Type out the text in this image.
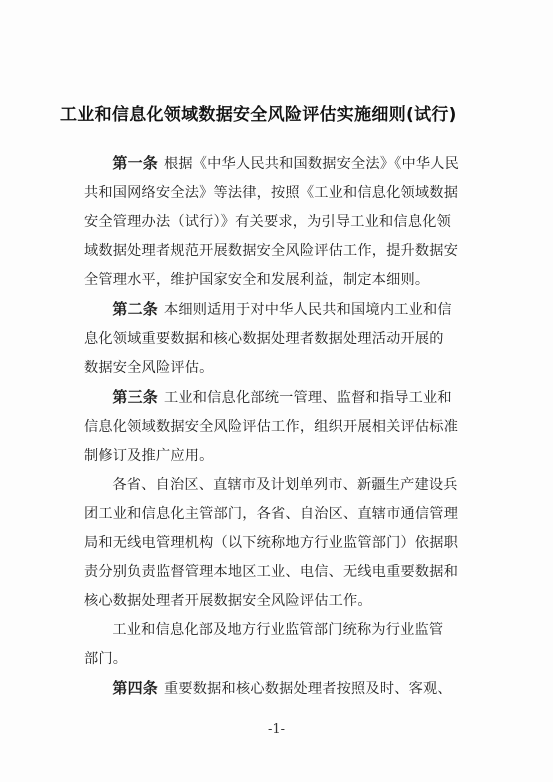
工业和信息化领域数据安全风险评估实施细则(试行)

第一条 根据《中华人民共和国数据安全法》《中华人民
共和国网络安全法》等法律，按照《工业和信息化领域数据
安全管理办法（试行）》有关要求，为引导工业和信息化领
域数据处理者规范开展数据安全风险评估工作，提升数据安
全管理水平，维护国家安全和发展利益，制定本细则。

第二条 本细则适用于对中华人民共和国境内工业和信
息化领域重要数据和核心数据处理者数据处理活动开展的
数据安全风险评估。

第三条 工业和信息化部统一管理、监督和指导工业和
信息化领域数据安全风险评估工作，组织开展相关评估标准
制修订及推广应用。

各省、自治区、直辖市及计划单列市、新疆生产建设兵
团工业和信息化主管部门，各省、自治区、直辖市通信管理
局和无线电管理机构（以下统称地方行业监管部门）依据职
责分别负责监督管理本地区工业、电信、无线电重要数据和
核心数据处理者开展数据安全风险评估工作。

工业和信息化部及地方行业监管部门统称为行业监管
部门。

第四条 重要数据和核心数据处理者按照及时、客观、

-1-
